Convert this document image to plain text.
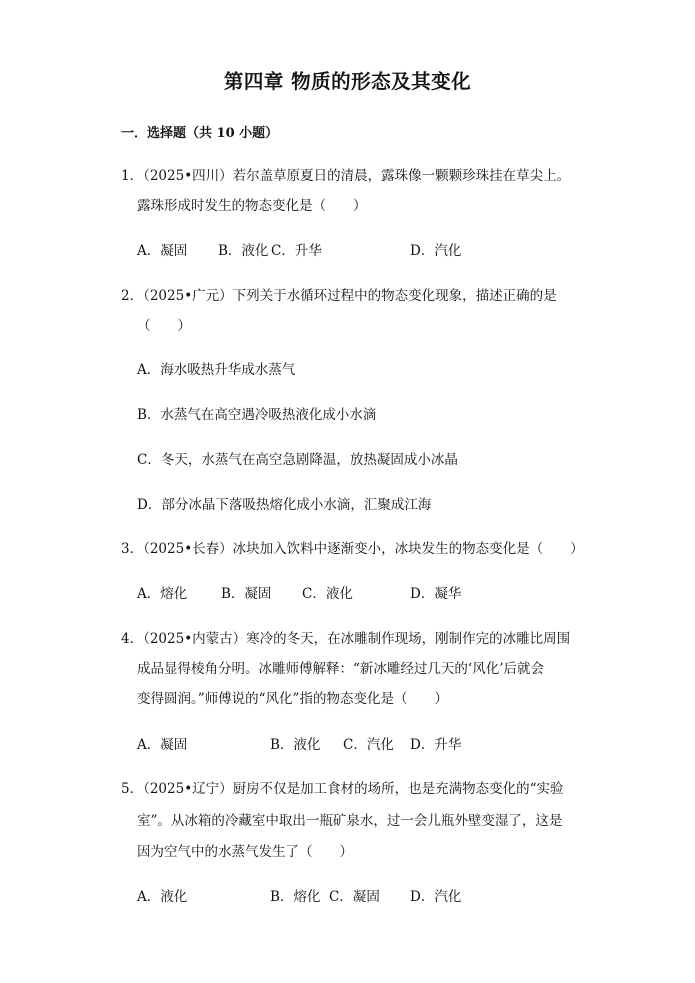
第四章 物质的形态及其变化
一．选择题（共 10 小题）
1．（2025•四川）若尔盖草原夏日的清晨，露珠像一颗颗珍珠挂在草尖上。
露珠形成时发生的物态变化是（　　）
A．凝固 B．液化 C．升华	D．汽化
2．（2025•广元）下列关于水循环过程中的物态变化现象，描述正确的是
（　　）
A．海水吸热升华成水蒸气
B．水蒸气在高空遇冷吸热液化成小水滴
C．冬天，水蒸气在高空急剧降温，放热凝固成小冰晶
D．部分冰晶下落吸热熔化成小水滴，汇聚成江海
3．（2025•长春）冰块加入饮料中逐渐变小，冰块发生的物态变化是（　　）
A．熔化	B．凝固 C．液化	D．凝华
4．（2025•内蒙古）寒冷的冬天，在冰雕制作现场，刚制作完的冰雕比周围
成品显得棱角分明。冰雕师傅解释：“新冰雕经过几天的‘风化’后就会
变得圆润。”师傅说的“风化”指的物态变化是（　　）
A．凝固	B．液化 C．汽化 D．升华
5．（2025•辽宁）厨房不仅是加工食材的场所，也是充满物态变化的“实验
室”。从冰箱的冷藏室中取出一瓶矿泉水，过一会儿瓶外壁变湿了，这是
因为空气中的水蒸气发生了（　　）
A．液化	B．熔化 C．凝固 D．汽化
